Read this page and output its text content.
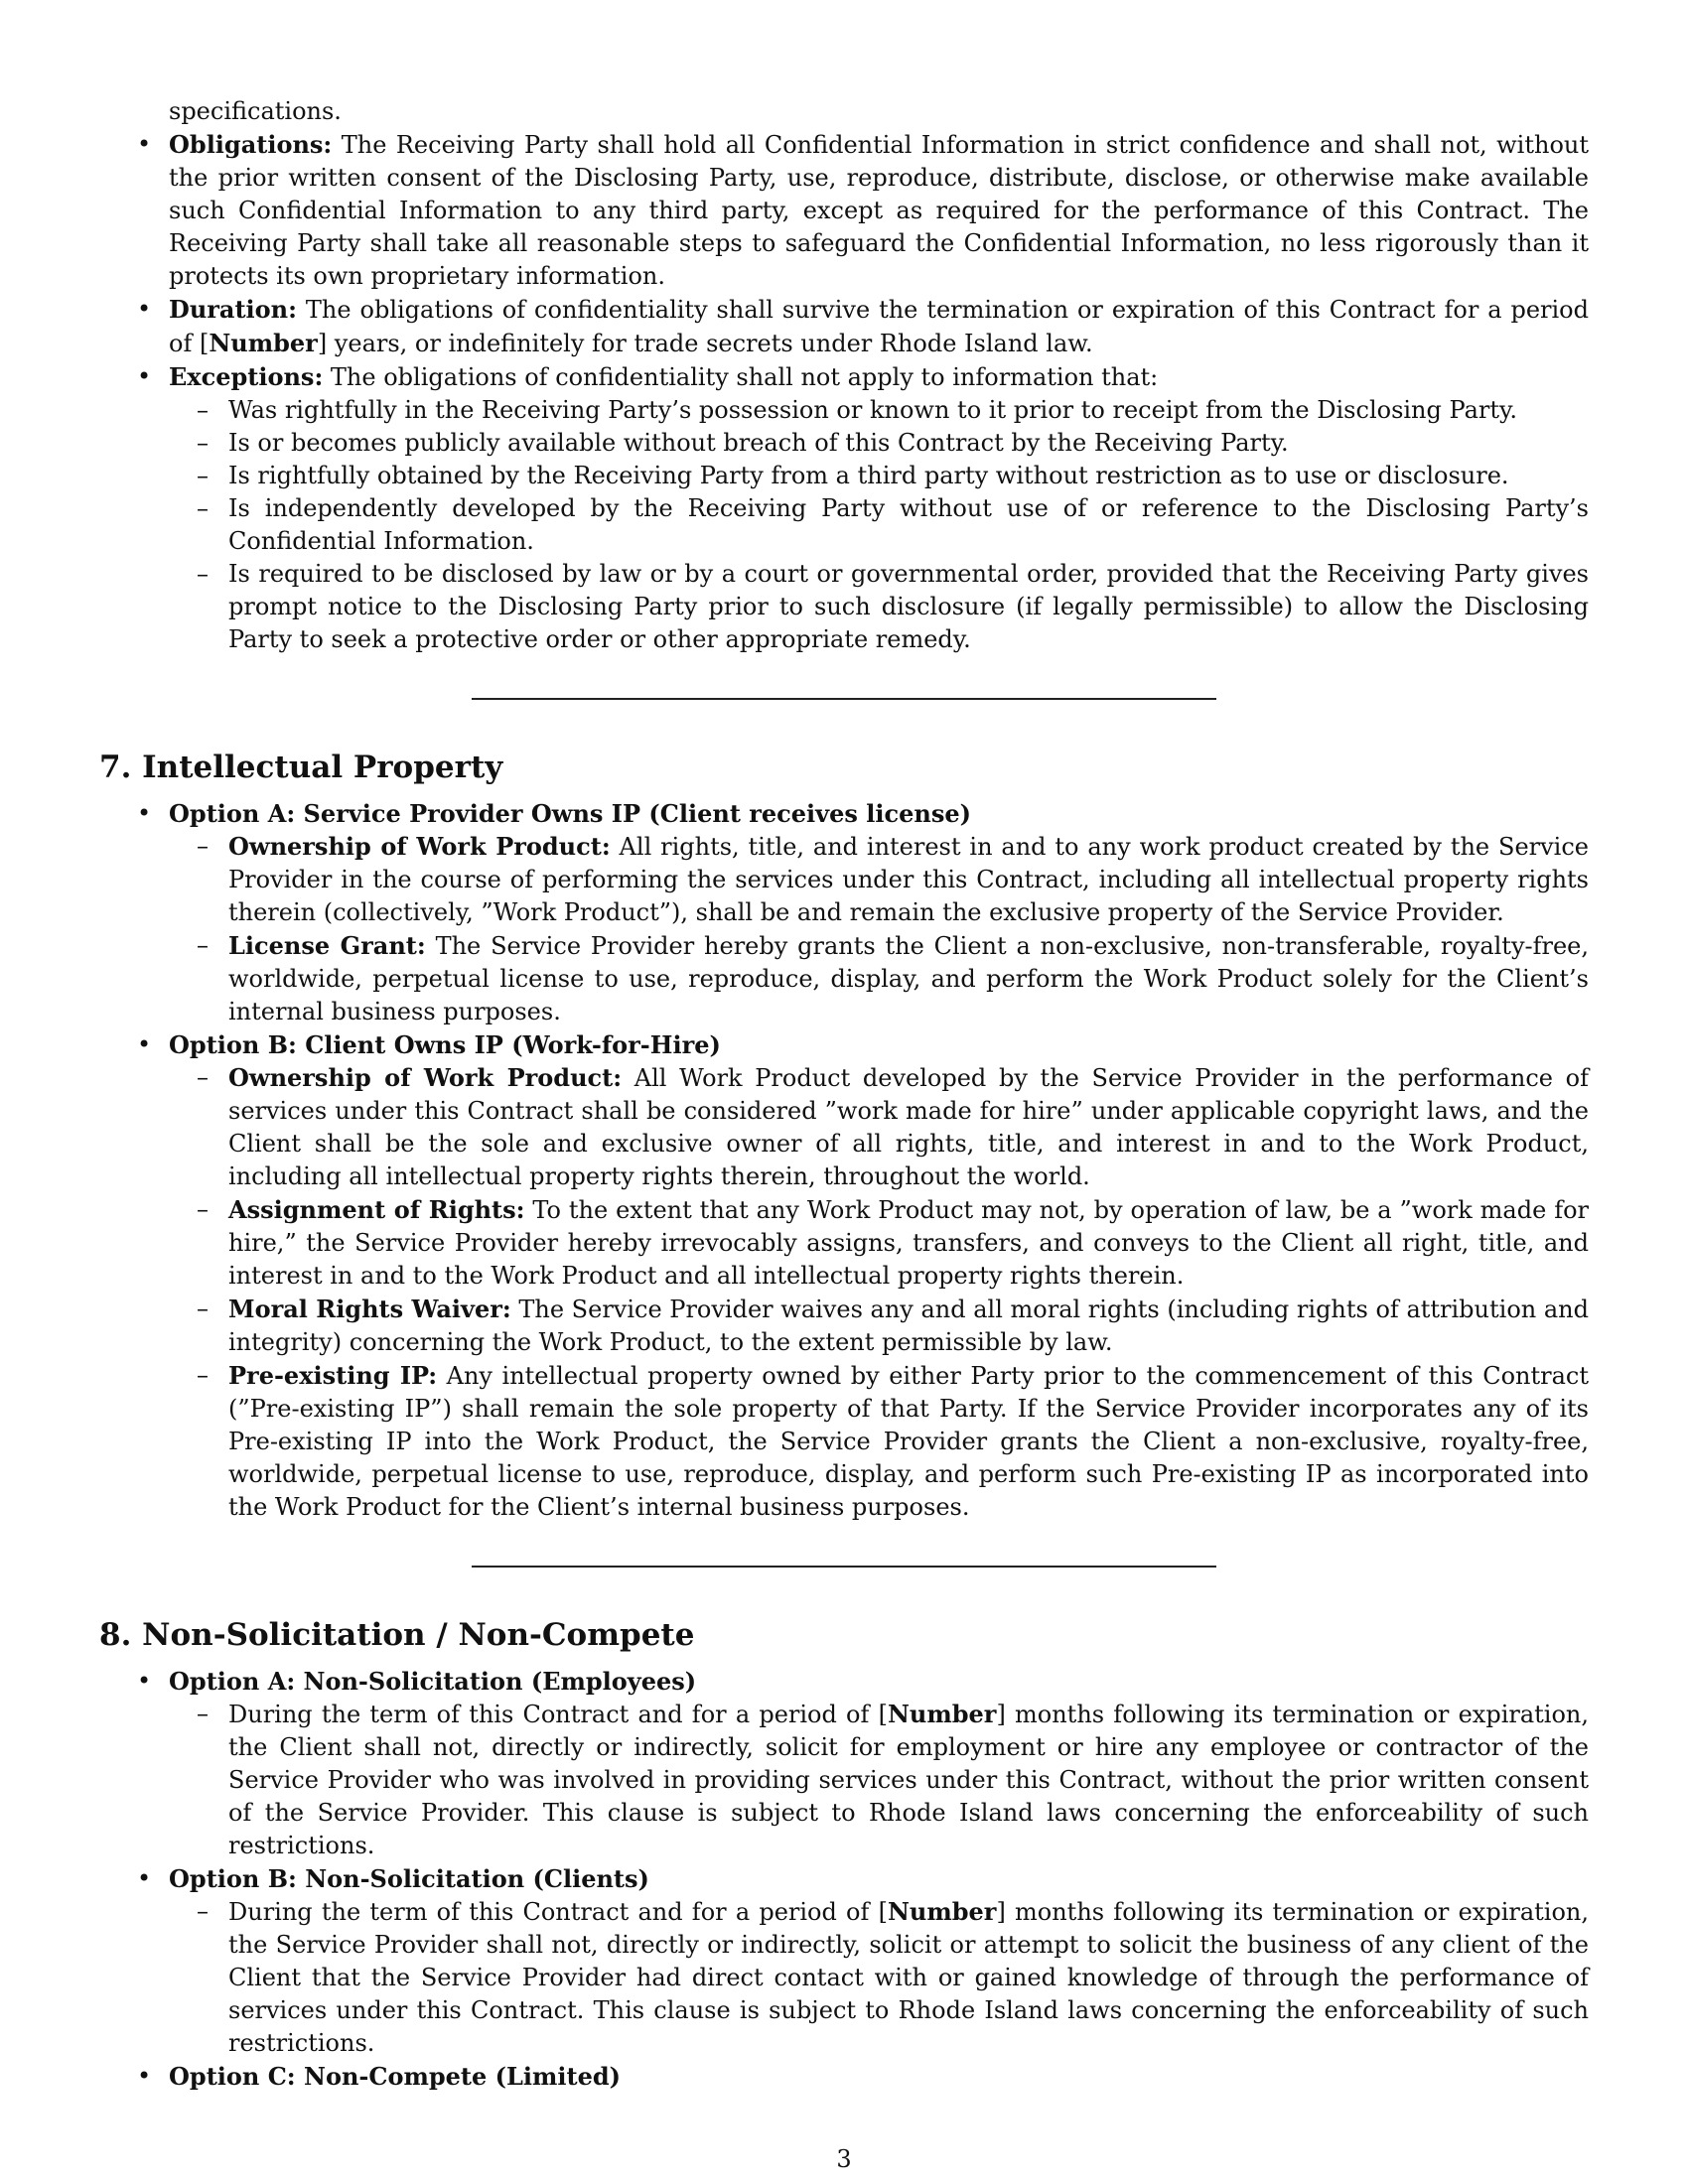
specifications.
• Obligations: The Receiving Party shall hold all Confidential Information in strict confidence and shall not, without the prior written consent of the Disclosing Party, use, reproduce, distribute, disclose, or otherwise make available such Confidential Information to any third party, except as required for the performance of this Contract. The Receiving Party shall take all reasonable steps to safeguard the Confidential Information, no less rigorously than it protects its own proprietary information.

• Duration: The obligations of confidentiality shall survive the termination or expiration of this Contract for a period of [Number] years, or indefinitely for trade secrets under Rhode Island law.

• Exceptions: The obligations of confidentiality shall not apply to information that:

– Was rightfully in the Receiving Party’s possession or known to it prior to receipt from the Disclosing Party.

– Is or becomes publicly available without breach of this Contract by the Receiving Party.

– Is rightfully obtained by the Receiving Party from a third party without restriction as to use or disclosure.

– Is independently developed by the Receiving Party without use of or reference to the Disclosing Party’s Confidential Information.

– Is required to be disclosed by law or by a court or governmental order, provided that the Receiving Party gives prompt notice to the Disclosing Party prior to such disclosure (if legally permissible) to allow the Disclosing Party to seek a protective order or other appropriate remedy.

7. Intellectual Property
• Option A: Service Provider Owns IP (Client receives license)
– Ownership of Work Product: All rights, title, and interest in and to any work product created by the Service Provider in the course of performing the services under this Contract, including all intellectual property rights therein (collectively, ”Work Product”), shall be and remain the exclusive property of the Service Provider.

– License Grant: The Service Provider hereby grants the Client a non-exclusive, non-transferable, royalty-free, worldwide, perpetual license to use, reproduce, display, and perform the Work Product solely for the Client’s internal business purposes.

• Option B: Client Owns IP (Work-for-Hire)
– Ownership of Work Product: All Work Product developed by the Service Provider in the performance of services under this Contract shall be considered ”work made for hire” under applicable copyright laws, and the Client shall be the sole and exclusive owner of all rights, title, and interest in and to the Work Product, including all intellectual property rights therein, throughout the world.

– Assignment of Rights: To the extent that any Work Product may not, by operation of law, be a ”work made for hire,” the Service Provider hereby irrevocably assigns, transfers, and conveys to the Client all right, title, and interest in and to the Work Product and all intellectual property rights therein.

– Moral Rights Waiver: The Service Provider waives any and all moral rights (including rights of attribution and integrity) concerning the Work Product, to the extent permissible by law.

– Pre-existing IP: Any intellectual property owned by either Party prior to the commencement of this Contract (”Pre-existing IP”) shall remain the sole property of that Party. If the Service Provider incorporates any of its Pre-existing IP into the Work Product, the Service Provider grants the Client a non-exclusive, royalty-free, worldwide, perpetual license to use, reproduce, display, and perform such Pre-existing IP as incorporated into the Work Product for the Client’s internal business purposes.

8. Non-Solicitation / Non-Compete
• Option A: Non-Solicitation (Employees)
– During the term of this Contract and for a period of [Number] months following its termination or expiration, the Client shall not, directly or indirectly, solicit for employment or hire any employee or contractor of the Service Provider who was involved in providing services under this Contract, without the prior written consent of the Service Provider. This clause is subject to Rhode Island laws concerning the enforceability of such restrictions.

• Option B: Non-Solicitation (Clients)
– During the term of this Contract and for a period of [Number] months following its termination or expiration, the Service Provider shall not, directly or indirectly, solicit or attempt to solicit the business of any client of the Client that the Service Provider had direct contact with or gained knowledge of through the performance of services under this Contract. This clause is subject to Rhode Island laws concerning the enforceability of such restrictions.

• Option C: Non-Compete (Limited)
3
